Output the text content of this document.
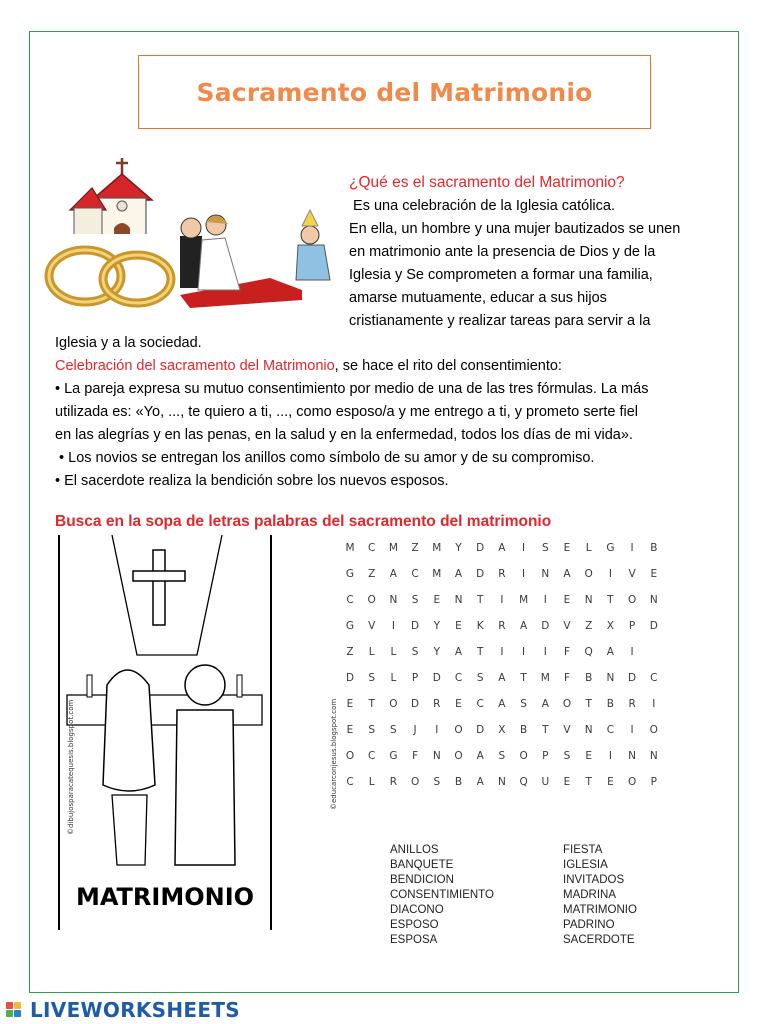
Sacramento del Matrimonio
¿Qué es el sacramento del Matrimonio?
Es una celebración de la Iglesia católica.
En ella, un hombre y una mujer bautizados se unen
en matrimonio ante la presencia de Dios y de la
Iglesia y Se comprometen a formar una familia,
amarse mutuamente, educar a sus hijos
cristianamente y realizar tareas para servir a la
Iglesia y a la sociedad.
Celebración del sacramento del Matrimonio, se hace el rito del consentimiento:
• La pareja expresa su mutuo consentimiento por medio de una de las tres fórmulas. La más
utilizada es: «Yo, ..., te quiero a ti, ..., como esposo/a y me entrego a ti, y prometo serte fiel
en las alegrías y en las penas, en la salud y en la enfermedad, todos los días de mi vida».
• Los novios se entregan los anillos como símbolo de su amor y de su compromiso.
• El sacerdote realiza la bendición sobre los nuevos esposos.
Busca en la sopa de letras palabras del sacramento del matrimonio
MATRIMONIO
©dibujosparacatequesis.blogspot.com	©educarconjesus.blogspot.com
M	C	M	Z	M	Y	D	A	I	S	E	L	G	I	B
G	Z	A	C	M	A	D	R	I	N	A	O	I	V	E
C	O	N	S	E	N	T	I	M	I	E	N	T	O	N
G	V	I	D	Y	E	K	R	A	D	V	Z	X	P	D
Z	L	L	S	Y	A	T	I	I	I	F	Q	A	I
D	S	L	P	D	C	S	A	T	M	F	B	N	D	C
E	T	O	D	R	E	C	A	S	A	O	T	B	R	I
E	S	S	J	I	O	D	X	B	T	V	N	C	I	O
O	C	G	F	N	O	A	S	O	P	S	E	I	N	N
C	L	R	O	S	B	A	N	Q	U	E	T	E	O	P
ANILLOS
BANQUETE
BENDICION
CONSENTIMIENTO
DIACONO
ESPOSO
ESPOSA
FIESTA
IGLESIA
INVITADOS
MADRINA
MATRIMONIO
PADRINO
SACERDOTE
LIVEWORKSHEETS
